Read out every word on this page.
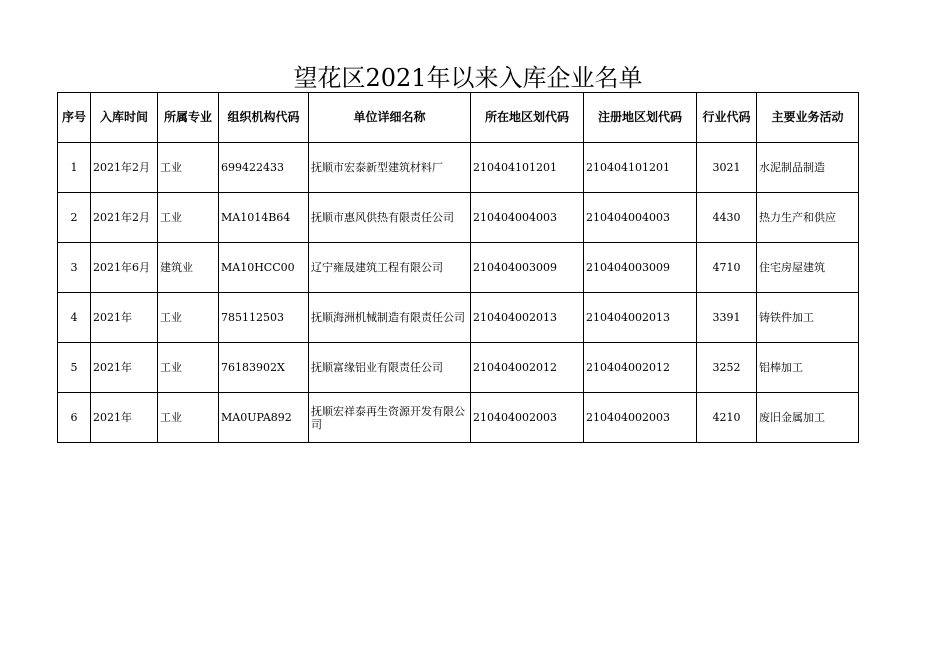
望花区2021年以来入库企业名单
序号	入库时间	所属专业	组织机构代码	单位详细名称	所在地区划代码	注册地区划代码	行业代码	主要业务活动
1	2021年2月	工业	699422433	抚顺市宏泰新型建筑材料厂	210404101201	210404101201	3021	水泥制品制造
2	2021年2月	工业	MA1014B64	抚顺市惠风供热有限责任公司	210404004003	210404004003	4430	热力生产和供应
3	2021年6月	建筑业	MA10HCC00	辽宁雍晟建筑工程有限公司	210404003009	210404003009	4710	住宅房屋建筑
4	2021年	工业	785112503	抚顺海洲机械制造有限责任公司	210404002013	210404002013	3391	铸铁件加工
5	2021年	工业	76183902X	抚顺富缘铝业有限责任公司	210404002012	210404002012	3252	铝棒加工
6	2021年	工业	MA0UPA892	抚顺宏祥泰再生资源开发有限公司	210404002003	210404002003	4210	废旧金属加工
